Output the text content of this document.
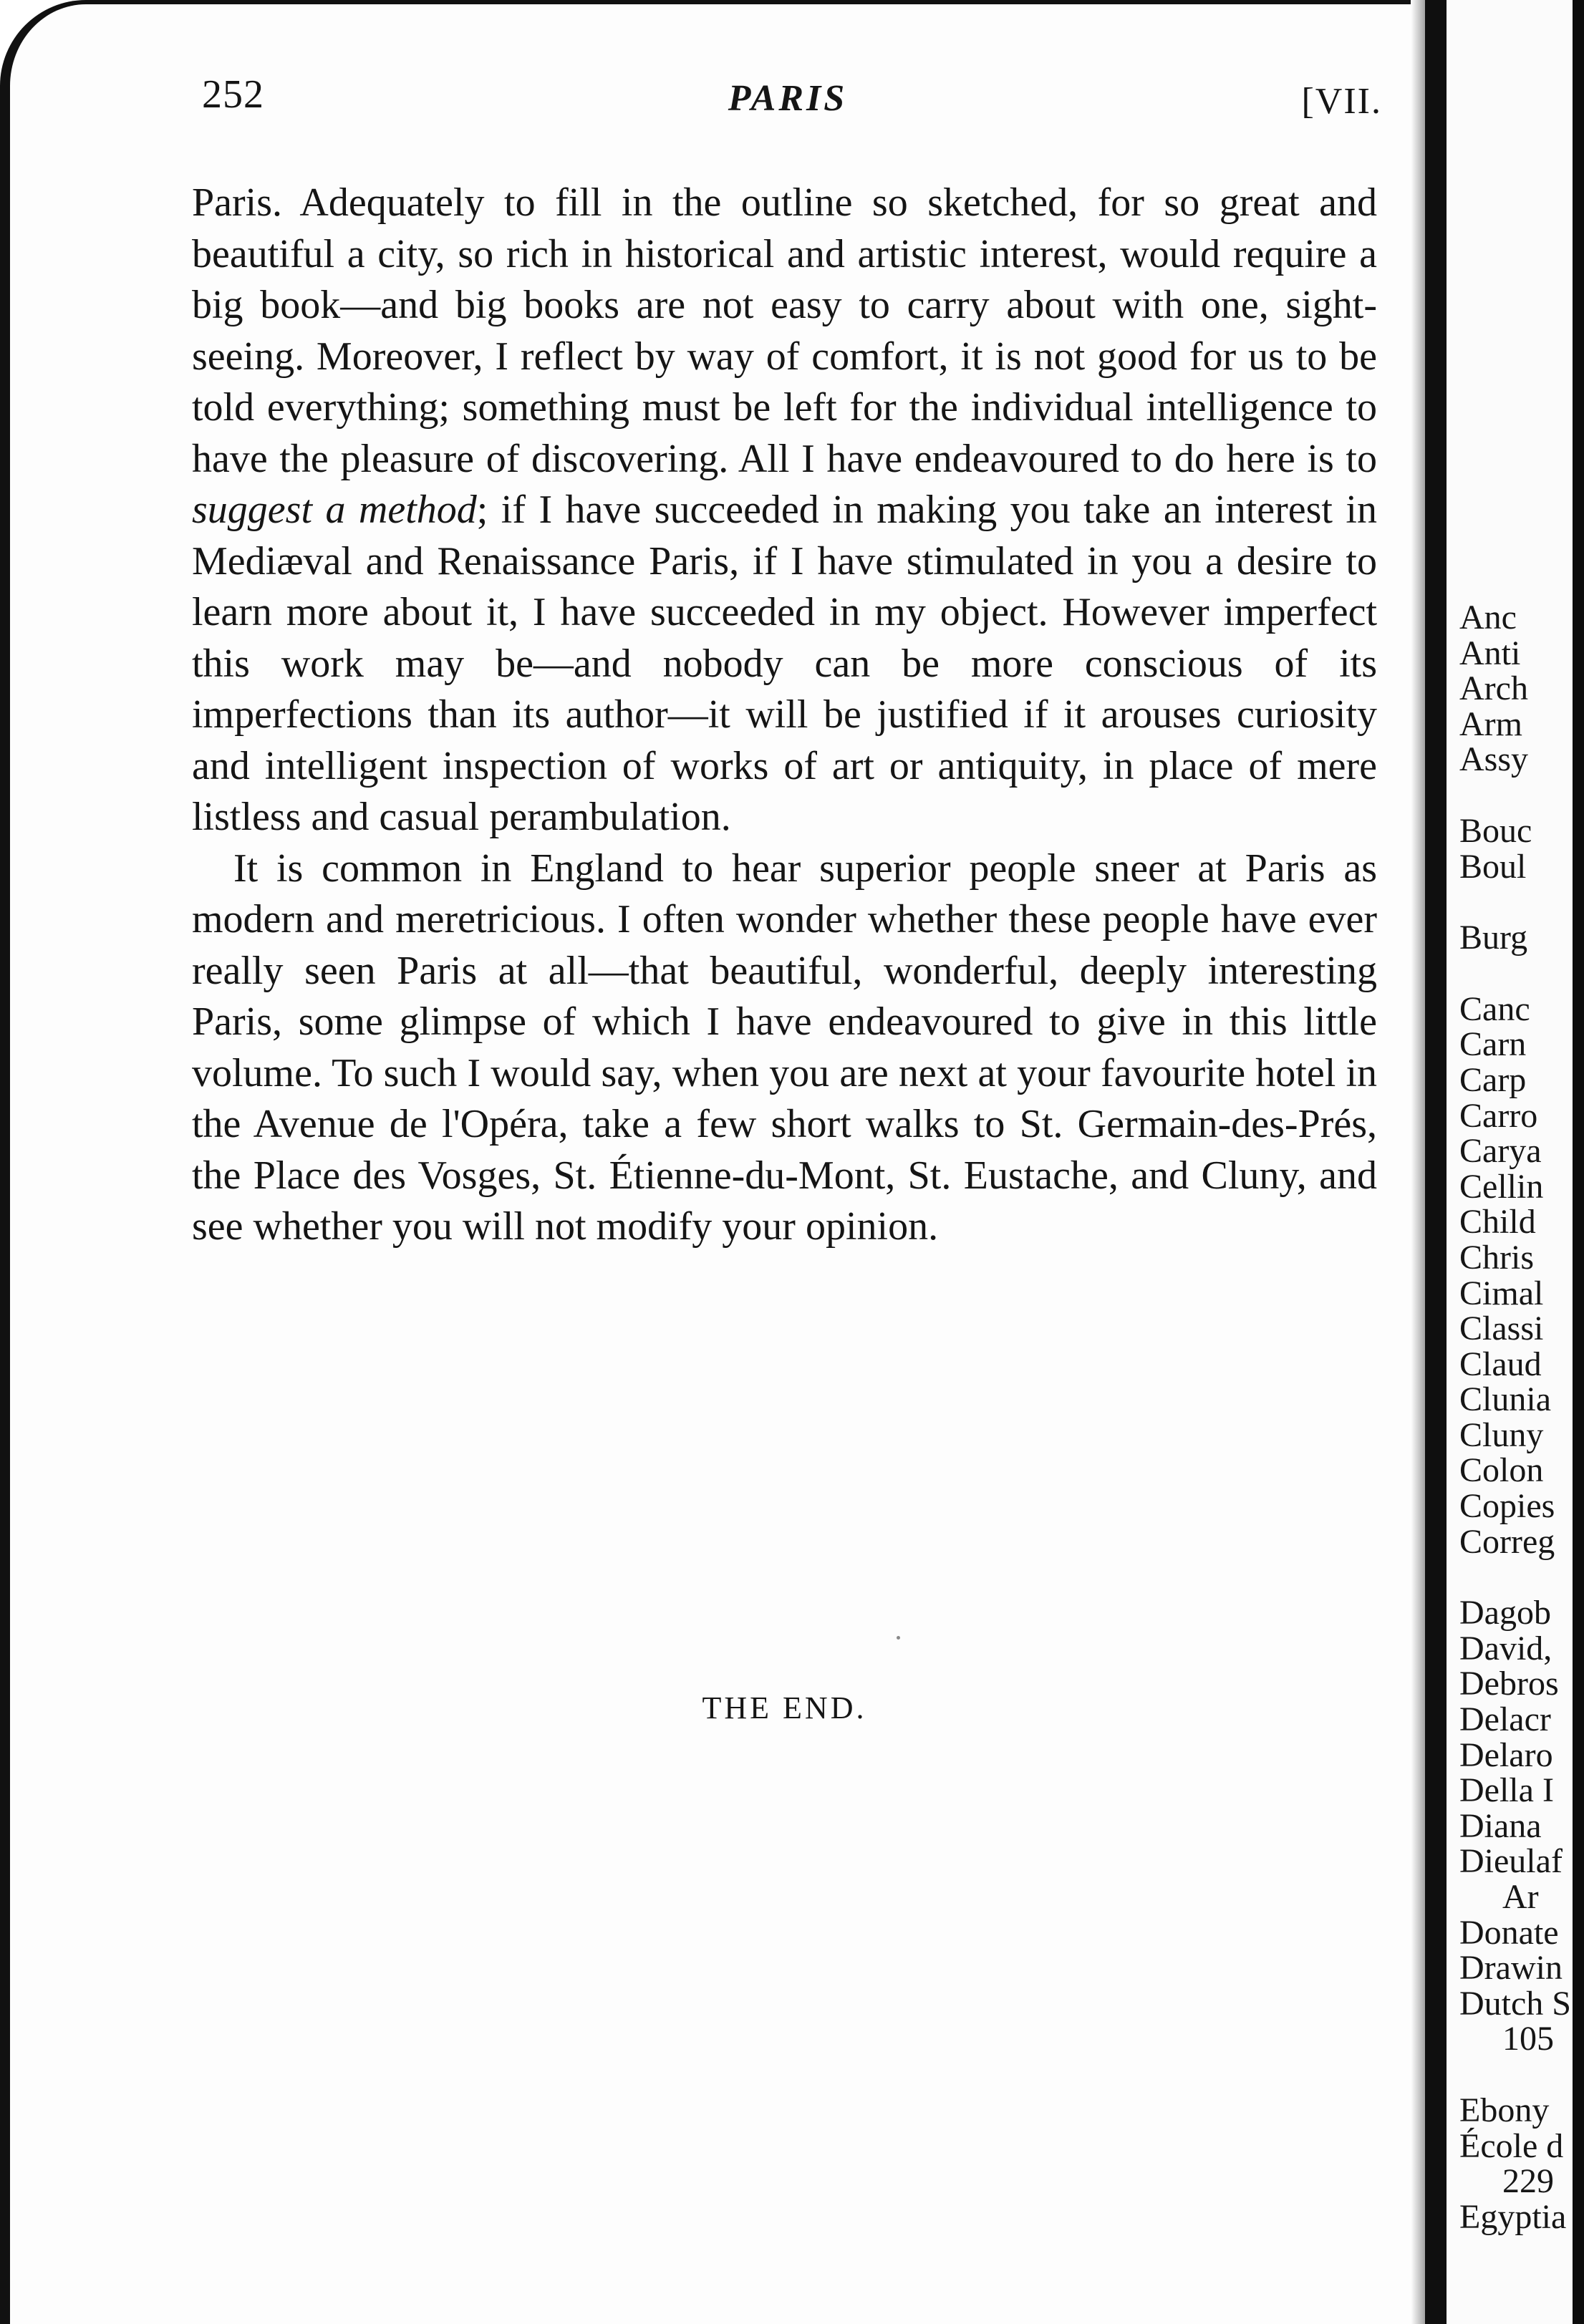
252	PARIS	[VII.

Paris. Adequately to fill in the outline so sketched, for so great and beautiful a city, so rich in historical and artistic interest, would require a big book—and big books are not easy to carry about with one, sight-seeing. Moreover, I reflect by way of comfort, it is not good for us to be told everything; something must be left for the individual intelligence to have the pleasure of discovering. All I have endeavoured to do here is to suggest a method; if I have succeeded in making you take an interest in Mediæval and Renaissance Paris, if I have stimulated in you a desire to learn more about it, I have succeeded in my object. However imperfect this work may be—and nobody can be more conscious of its imperfections than its author—it will be justified if it arouses curiosity and intelligent inspection of works of art or antiquity, in place of mere listless and casual perambulation.

It is common in England to hear superior people sneer at Paris as modern and meretricious. I often wonder whether these people have ever really seen Paris at all—that beautiful, wonderful, deeply interesting Paris, some glimpse of which I have endeavoured to give in this little volume. To such I would say, when you are next at your favourite hotel in the Avenue de l'Opéra, take a few short walks to St. Germain-des-Prés, the Place des Vosges, St. Étienne-du-Mont, St. Eustache, and Cluny, and see whether you will not modify your opinion.

THE END.
Anc
Anti
Arch
Arm
Assy
Bouc
Boul
Burg
Canc
Carn
Carp
Carro
Carya
Cellin
Child
Chris
Cimal
Classi
Claud
Clunia
Cluny
Colon
Copies
Correg
Dagob
David,
Debros
Delacr
Delaro
Della I
Diana
Dieulaf
Ar
Donate
Drawin
Dutch S
105
Ebony
École d
229
Egyptia
